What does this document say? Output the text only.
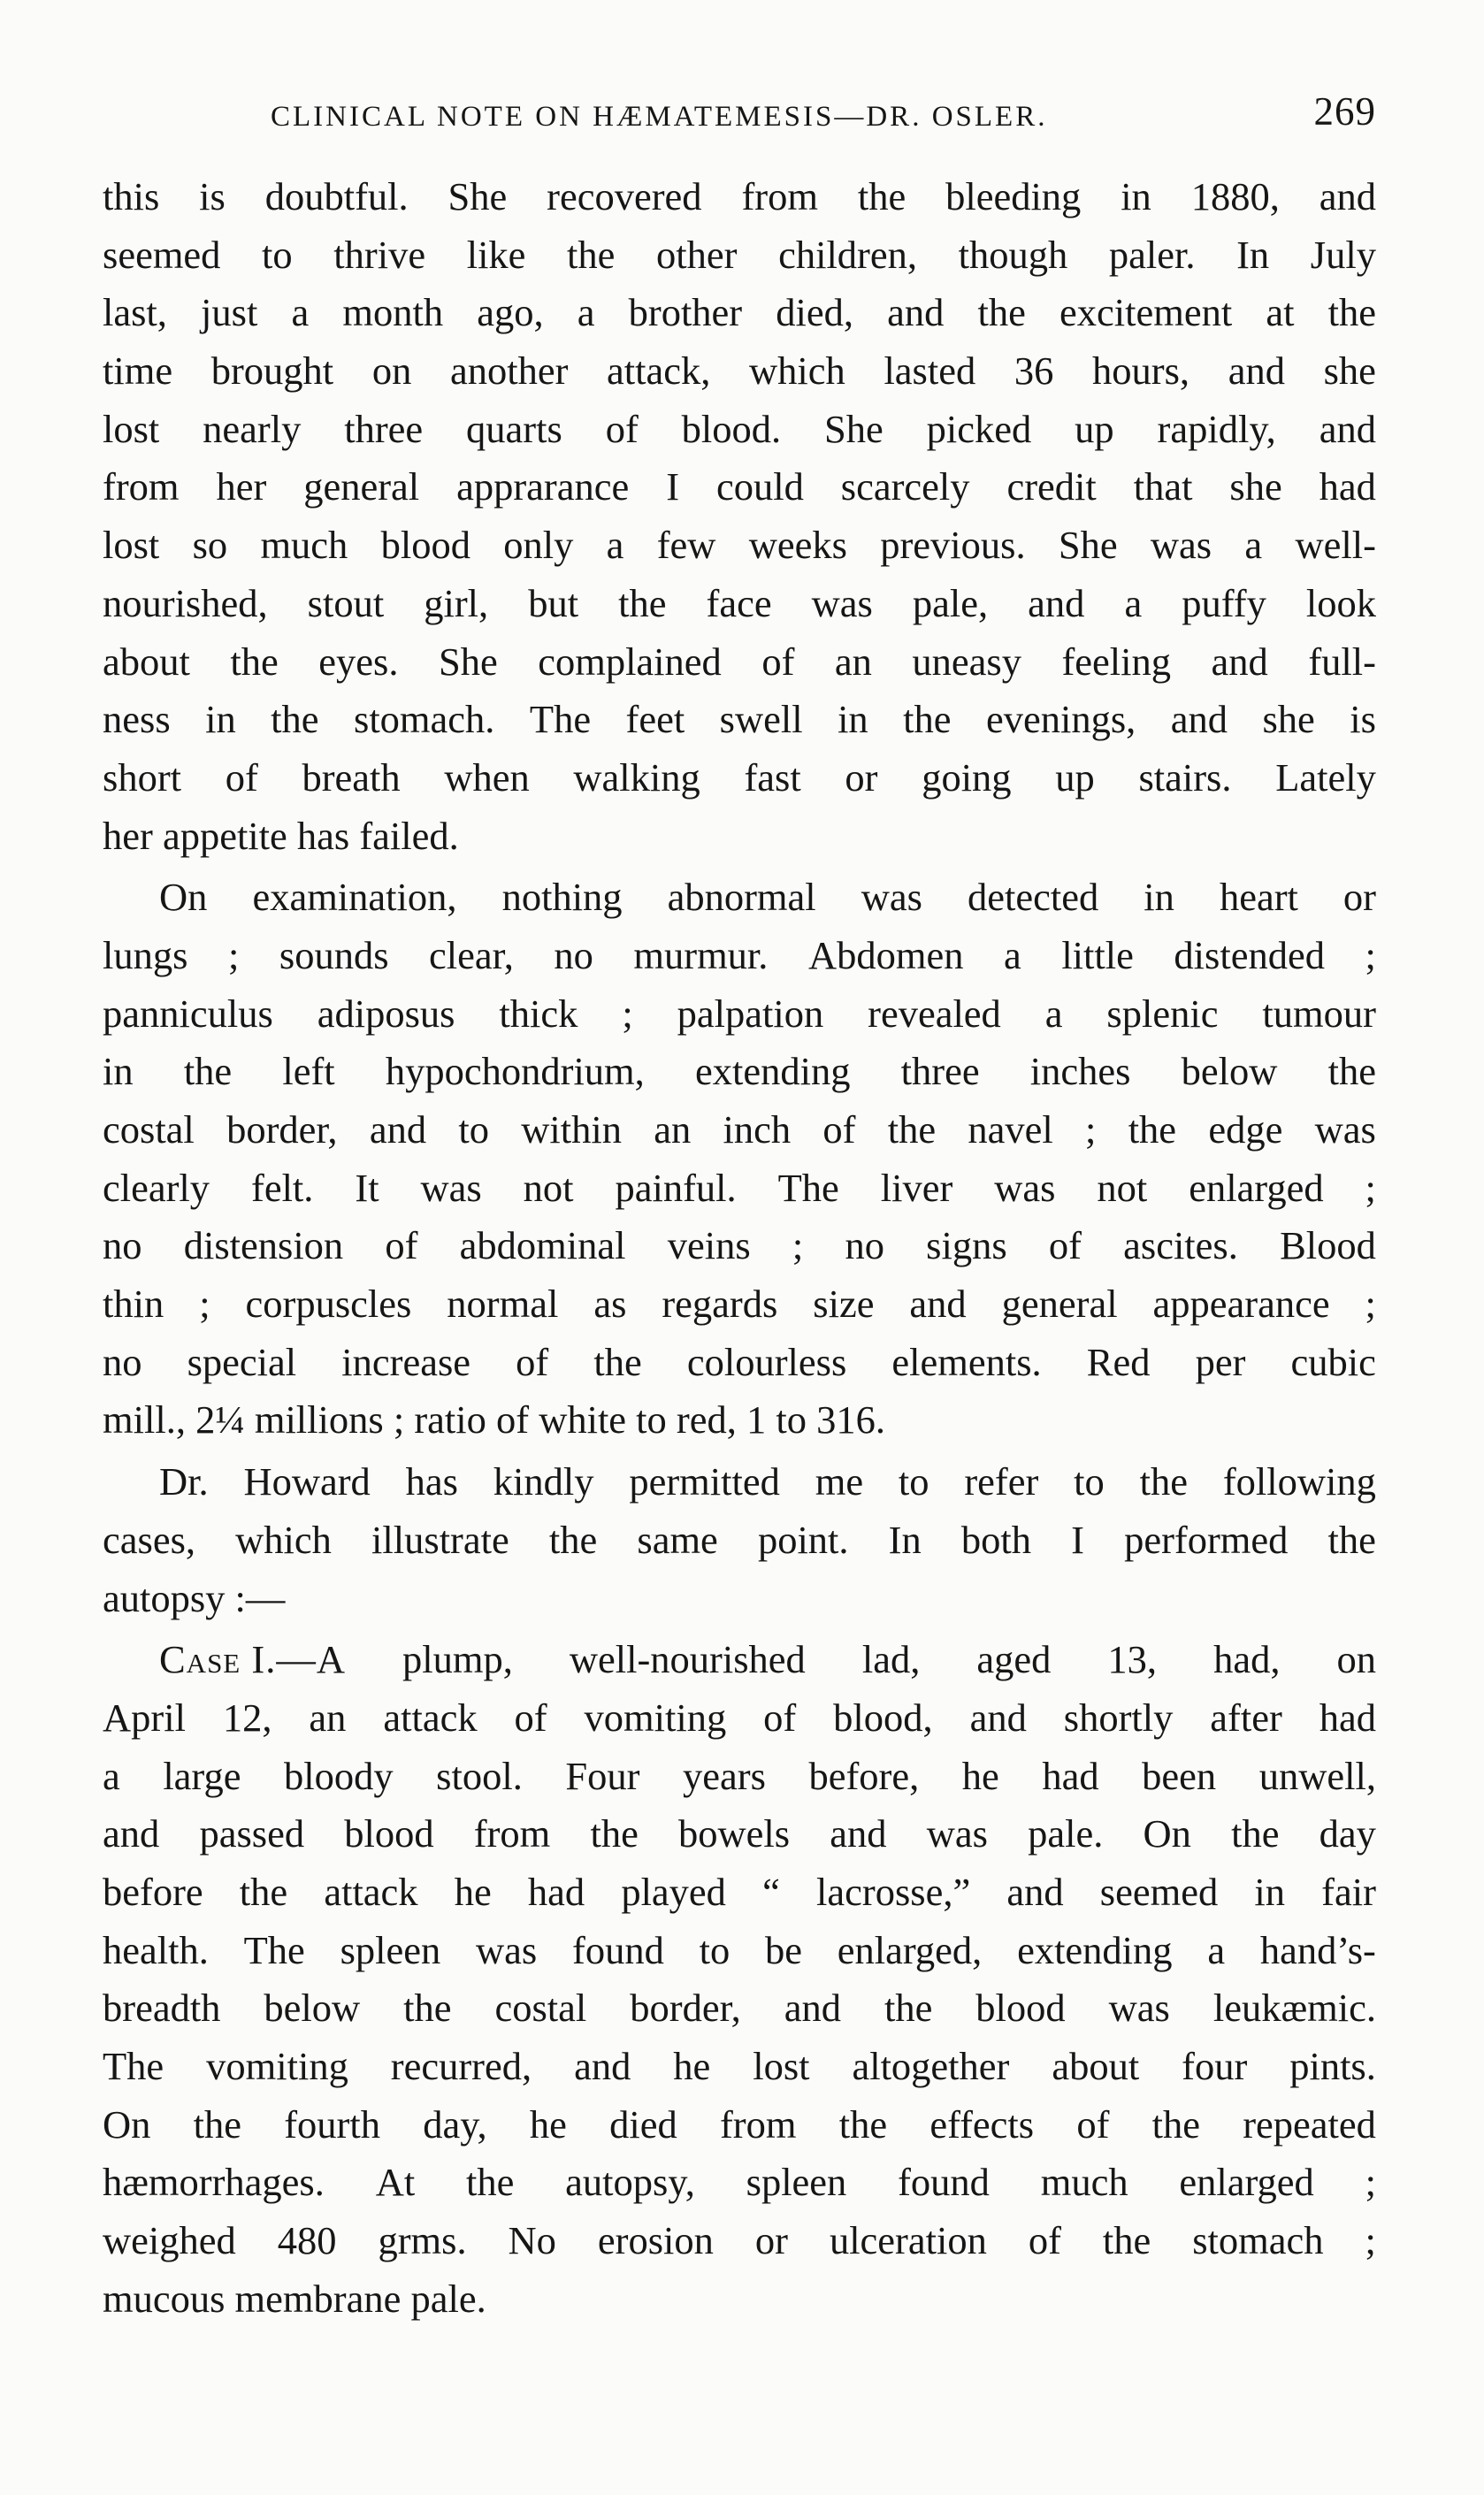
CLINICAL NOTE ON HÆMATEMESIS—DR. OSLER.	269
this is doubtful. She recovered from the bleeding in 1880, and
seemed to thrive like the other children, though paler. In July
last, just a month ago, a brother died, and the excitement at the
time brought on another attack, which lasted 36 hours, and she
lost nearly three quarts of blood. She picked up rapidly, and
from her general apprarance I could scarcely credit that she had
lost so much blood only a few weeks previous. She was a well-
nourished, stout girl, but the face was pale, and a puffy look
about the eyes. She complained of an uneasy feeling and full-
ness in the stomach. The feet swell in the evenings, and she is
short of breath when walking fast or going up stairs. Lately
her appetite has failed.
On examination, nothing abnormal was detected in heart or
lungs ; sounds clear, no murmur. Abdomen a little distended ;
panniculus adiposus thick ; palpation revealed a splenic tumour
in the left hypochondrium, extending three inches below the
costal border, and to within an inch of the navel ; the edge was
clearly felt. It was not painful. The liver was not enlarged ;
no distension of abdominal veins ; no signs of ascites. Blood
thin ; corpuscles normal as regards size and general appearance ;
no special increase of the colourless elements. Red per cubic
mill., 2¼ millions ; ratio of white to red, 1 to 316.
Dr. Howard has kindly permitted me to refer to the following
cases, which illustrate the same point. In both I performed the
autopsy :—
Case I.—A plump, well-nourished lad, aged 13, had, on
April 12, an attack of vomiting of blood, and shortly after had
a large bloody stool. Four years before, he had been unwell,
and passed blood from the bowels and was pale. On the day
before the attack he had played “ lacrosse,” and seemed in fair
health. The spleen was found to be enlarged, extending a hand’s-
breadth below the costal border, and the blood was leukæmic.
The vomiting recurred, and he lost altogether about four pints.
On the fourth day, he died from the effects of the repeated
hæmorrhages. At the autopsy, spleen found much enlarged ;
weighed 480 grms. No erosion or ulceration of the stomach ;
mucous membrane pale.
